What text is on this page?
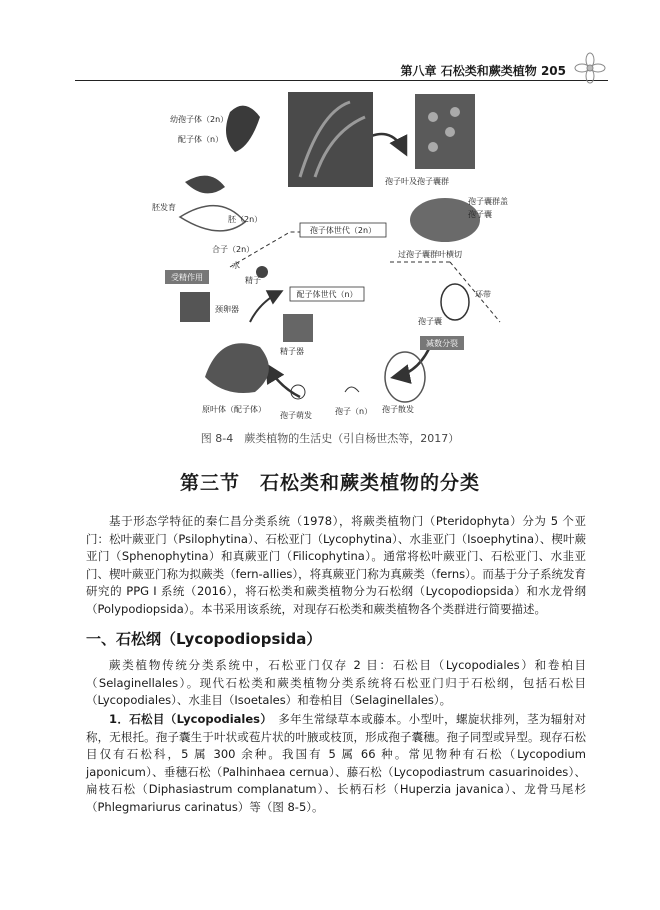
第八章 石松类和蕨类植物 205
受精作用
减数分裂
孢子体世代（2n）
配子体世代（n）
幼孢子体（2n）
配子体（n）
胚发育
胚（2n）
合子（2n）
水
精子
颈卵器
精子器
原叶体（配子体）
孢子萌发	孢子（n） 孢子散发
孢子囊
环带
过孢子囊群叶横切
孢子囊群盖
孢子囊
孢子叶及孢子囊群
图 8-4　蕨类植物的生活史（引自杨世杰等，2017）
第三节　石松类和蕨类植物的分类

基于形态学特征的秦仁昌分类系统（1978），将蕨类植物门（Pteridophyta）分为 5 个亚门：松叶蕨亚门（Psilophytina）、石松亚门（Lycophytina）、水韭亚门（Isoephytina）、楔叶蕨亚门（Sphenophytina）和真蕨亚门（Filicophytina）。通常将松叶蕨亚门、石松亚门、水韭亚门、楔叶蕨亚门称为拟蕨类（fern-allies），将真蕨亚门称为真蕨类（ferns）。而基于分子系统发育研究的 PPG I 系统（2016），将石松类和蕨类植物分为石松纲（Lycopodiopsida）和水龙骨纲（Polypodiopsida）。本书采用该系统，对现存石松类和蕨类植物各个类群进行简要描述。

一、石松纲（Lycopodiopsida）

蕨类植物传统分类系统中，石松亚门仅存 2 目：石松目（Lycopodiales）和卷柏目（Selaginellales）。现代石松类和蕨类植物分类系统将石松亚门归于石松纲，包括石松目（Lycopodiales）、水韭目（Isoetales）和卷柏目（Selaginellales）。

1．石松目（Lycopodiales）　多年生常绿草本或藤本。小型叶，螺旋状排列，茎为辐射对称，无根托。孢子囊生于叶状或苞片状的叶腋或枝顶，形成孢子囊穗。孢子同型或异型。现存石松目仅有石松科，5 属 300 余种。我国有 5 属 66 种。常见物种有石松（Lycopodium japonicum）、垂穗石松（Palhinhaea cernua）、藤石松（Lycopodiastrum casuarinoides）、扁枝石松（Diphasiastrum complanatum）、长柄石杉（Huperzia javanica）、龙骨马尾杉（Phlegmariurus carinatus）等（图 8-5）。
